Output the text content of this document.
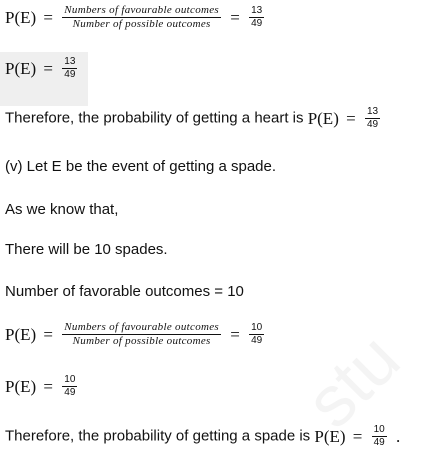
$P(E) = \frac{\text{Numbers of favourable outcomes}}{\text{Number of possible outcomes}} = \frac{13}{49}$
$P(E) = \frac{13}{49}$
Therefore, the probability of getting a heart is $P(E) = \frac{13}{49}$
(v) Let E be the event of getting a spade.
As we know that,
There will be 10 spades.
Number of favorable outcomes = 10
$P(E) = \frac{\text{Numbers of favourable outcomes}}{\text{Number of possible outcomes}} = \frac{10}{49}$
$P(E) = \frac{10}{49}$
Therefore, the probability of getting a spade is $P(E) = \frac{10}{49}$ .
